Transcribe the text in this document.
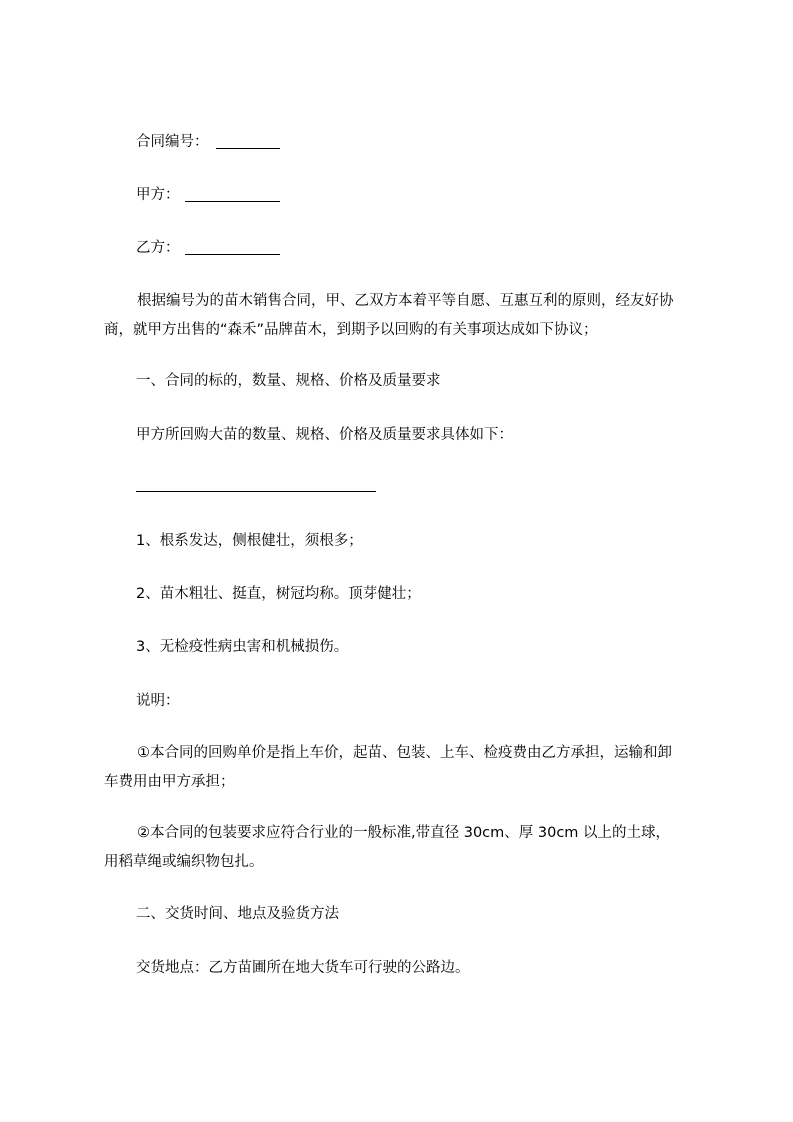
合同编号：
甲方：
乙方：
根据编号为的苗木销售合同，甲、乙双方本着平等自愿、互惠互利的原则，经友好协商，就甲方出售的“森禾”品牌苗木，到期予以回购的有关事项达成如下协议；
一、合同的标的，数量、规格、价格及质量要求
甲方所回购大苗的数量、规格、价格及质量要求具体如下：
1、根系发达，侧根健壮，须根多；
2、苗木粗壮、挺直，树冠均称。顶芽健壮；
3、无检疫性病虫害和机械损伤。
说明：
①本合同的回购单价是指上车价，起苗、包装、上车、检疫费由乙方承担，运输和卸车费用由甲方承担；
②本合同的包装要求应符合行业的一般标准,带直径 30cm、厚 30cm 以上的土球，用稻草绳或编织物包扎。
二、交货时间、地点及验货方法
交货地点：乙方苗圃所在地大货车可行驶的公路边。
